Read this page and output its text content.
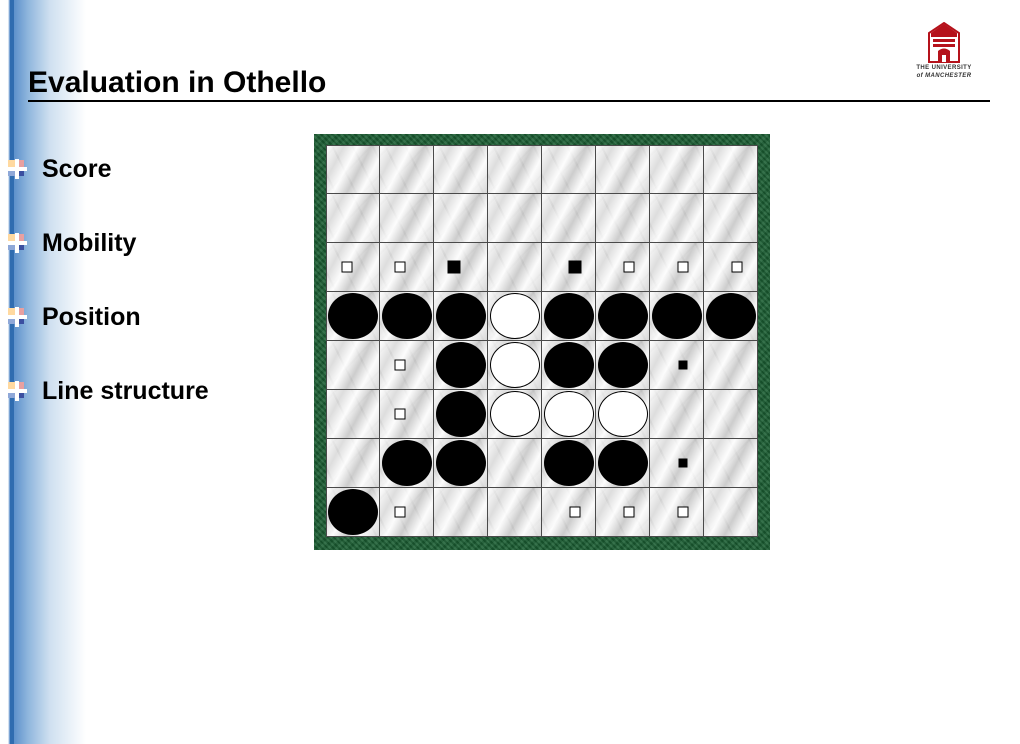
THE UNIVERSITY
of MANCHESTER
Evaluation in Othello
Score
Mobility
Position
Line structure
